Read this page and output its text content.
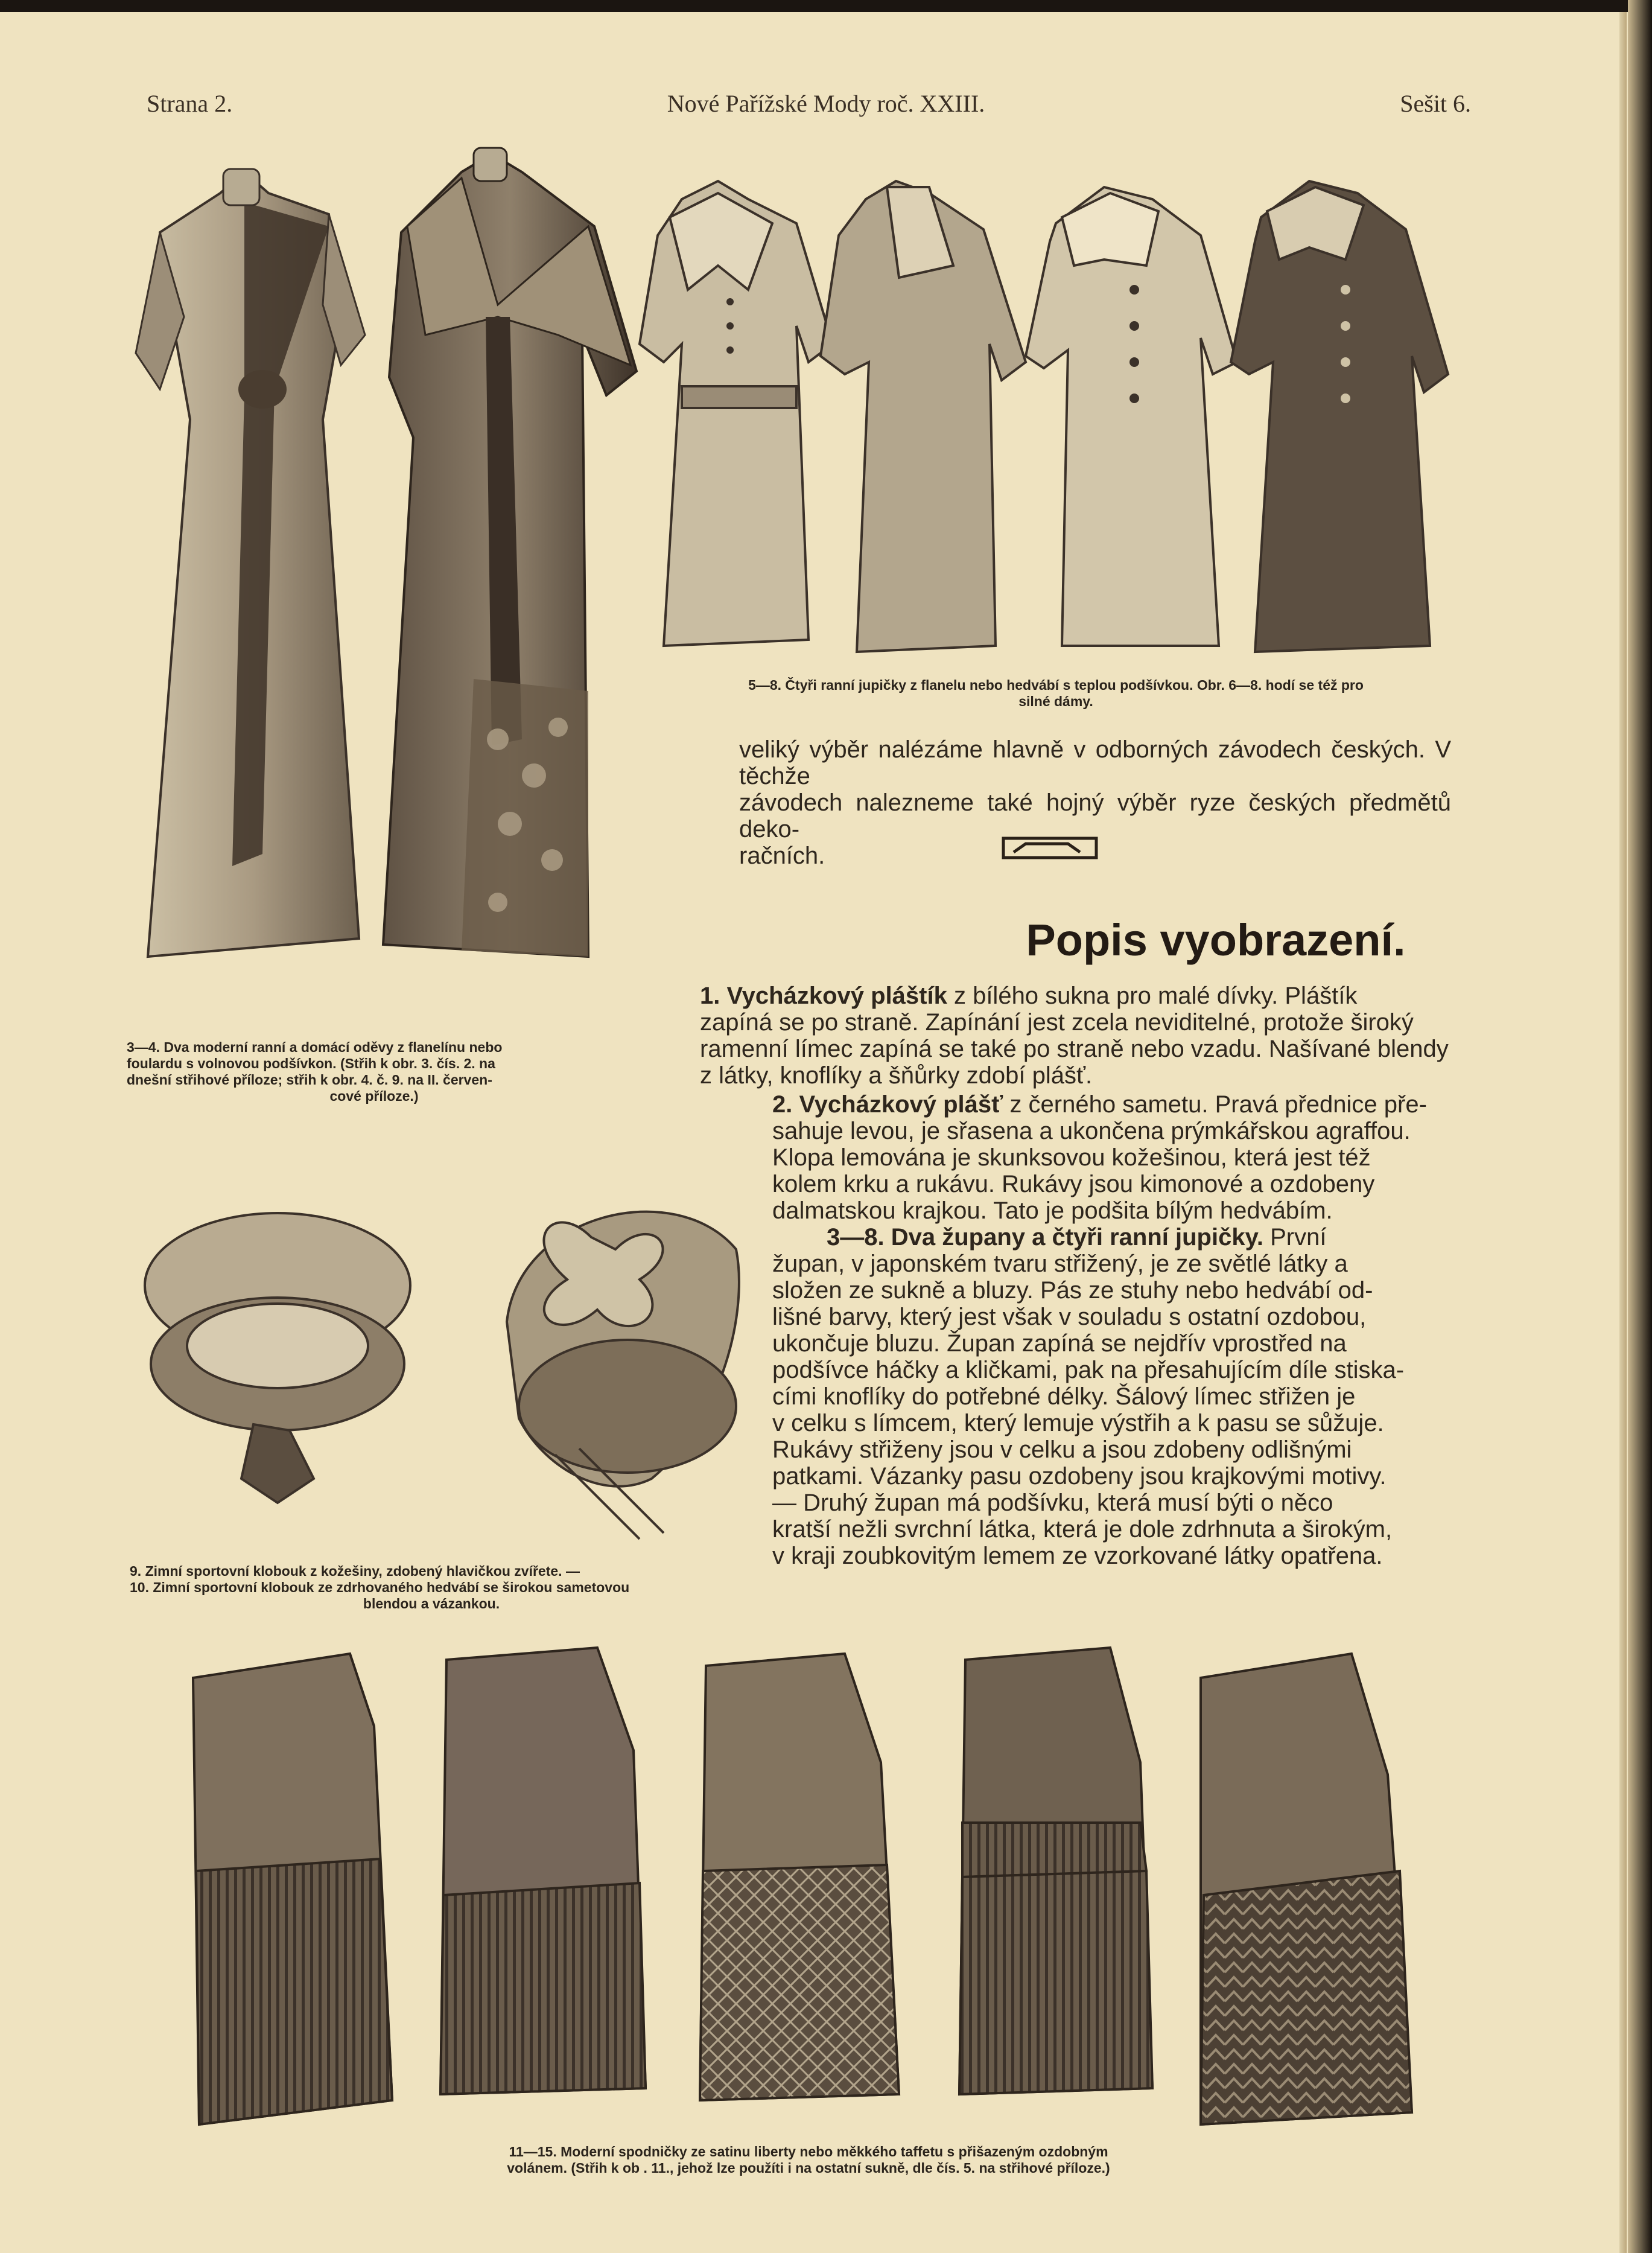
Strana 2.	Nové Pařížské Mody roč. XXIII.	Sešit 6.
5—8. Čtyři ranní jupičky z flanelu nebo hedvábí s teplou podšívkou. Obr. 6—8. hodí se též pro
silné dámy.

veliký výběr nalézáme hlavně v odborných závodech českých. V těchže

závodech nalezneme také hojný výběr ryze českých předmětů deko-

račních.

Popis vyobrazení.
3—4. Dva moderní ranní a domácí oděvy z flanelínu nebo
foulardu s volnovou podšívkon. (Střih k obr. 3. čís. 2. na
dnešní střihové příloze; střih k obr. 4. č. 9. na II. červen-
cové příloze.)

1. Vycházkový pláštík z bílého sukna pro malé dívky. Pláštík

zapíná se po straně. Zapínání jest zcela neviditelné, protože široký

ramenní límec zapíná se také po straně nebo vzadu. Našívané blendy

z látky, knoflíky a šňůrky zdobí plášť.

2. Vycházkový plášť z černého sametu. Pravá přednice pře-

sahuje levou, je sřasena a ukončena prýmkářskou agraffou.

Klopa lemována je skunksovou kožešinou, která jest též

kolem krku a rukávu. Rukávy jsou kimonové a ozdobeny

dalmatskou krajkou. Tato je podšita bílým hedvábím.

3—8. Dva župany a čtyři ranní jupičky. První

župan, v japonském tvaru střižený, je ze světlé látky a

složen ze sukně a bluzy. Pás ze stuhy nebo hedvábí od-

lišné barvy, který jest však v souladu s ostatní ozdobou,

ukončuje bluzu. Župan zapíná se nejdřív vprostřed na

podšívce háčky a kličkami, pak na přesahujícím díle stiska-

cími knoflíky do potřebné délky. Šálový límec střižen je

v celku s límcem, který lemuje výstřih a k pasu se sůžuje.

Rukávy střiženy jsou v celku a jsou zdobeny odlišnými

patkami. Vázanky pasu ozdobeny jsou krajkovými motivy.

— Druhý župan má podšívku, která musí býti o něco

kratší nežli svrchní látka, která je dole zdrhnuta a širokým,

v kraji zoubkovitým lemem ze vzorkované látky opatřena.

9. Zimní sportovní klobouk z kožešiny, zdobený hlavičkou zvířete. —
10. Zimní sportovní klobouk ze zdrhovaného hedvábí se širokou sametovou
blendou a vázankou.
11—15. Moderní spodničky ze satinu liberty nebo měkkého taffetu s přišazeným ozdobným
volánem. (Střih k ob . 11., jehož lze použíti i na ostatní sukně, dle čís. 5. na střihové příloze.)
